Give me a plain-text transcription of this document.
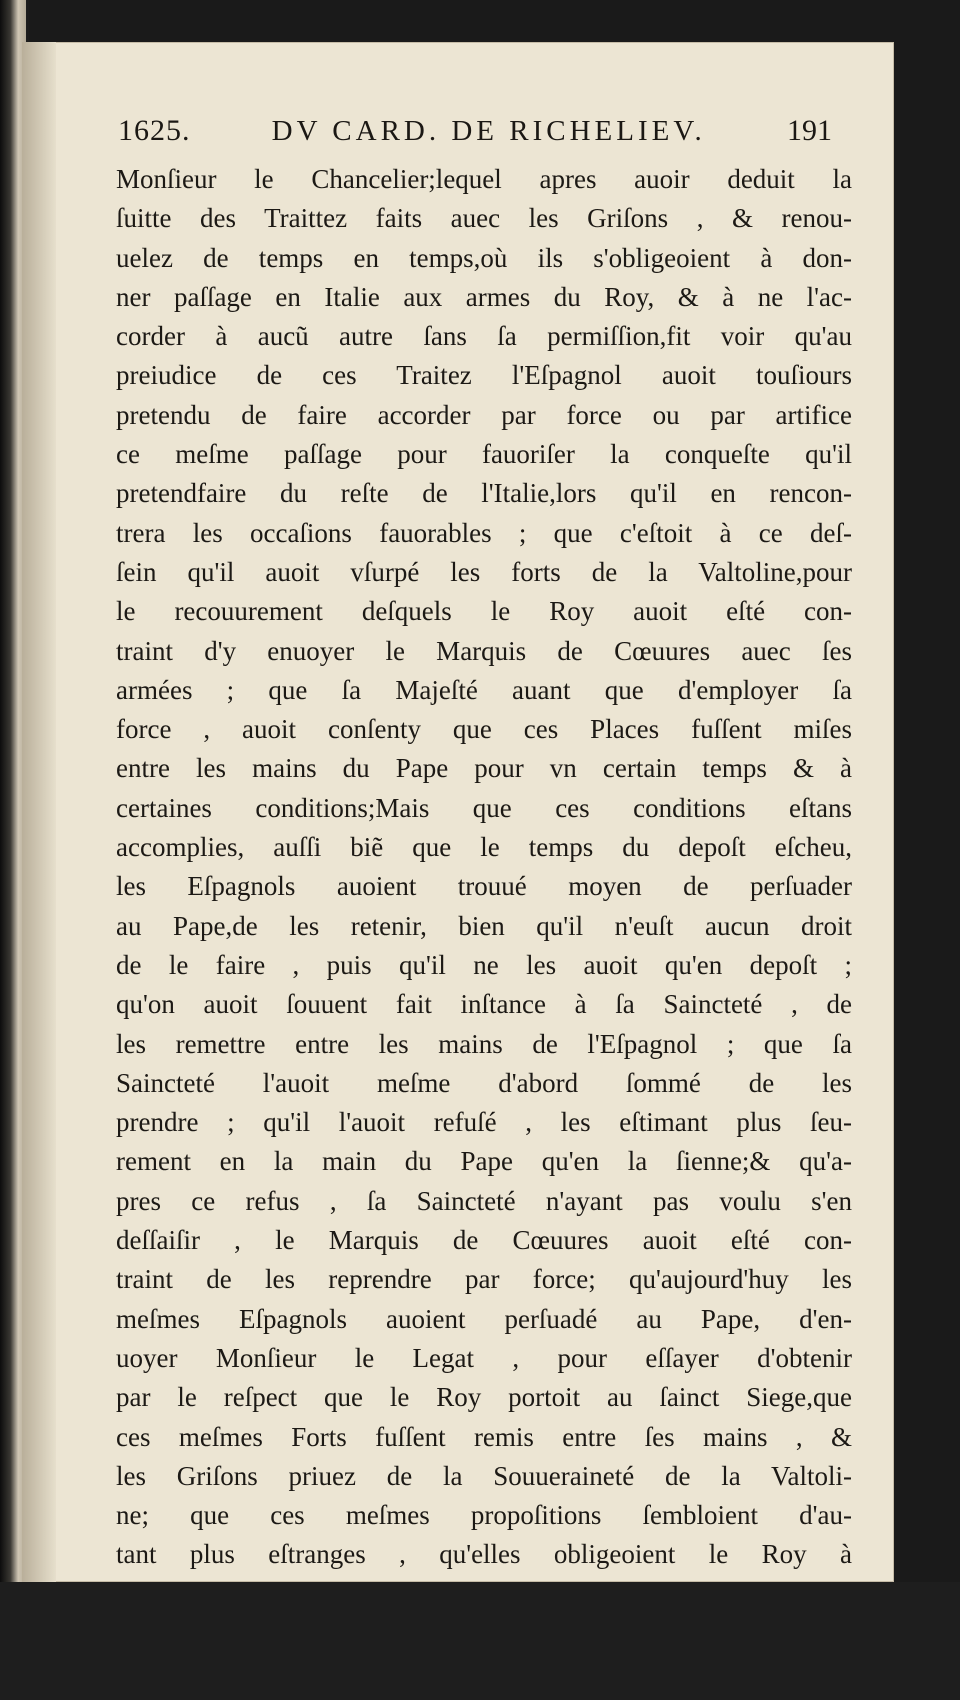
1625.	DV CARD. DE RICHELIEV.	191
Monſieur le Chancelier;lequel apres auoir deduit la
ſuitte des Traittez faits auec les Griſons , & renou-
uelez de temps en temps,où ils s'obligeoient à don-
ner paſſage en Italie aux armes du Roy, & à ne l'ac-
corder à aucũ autre ſans ſa permiſſion,fit voir qu'au
preiudice de ces Traitez l'Eſpagnol auoit touſiours
pretendu de faire accorder par force ou par artifice
ce meſme paſſage pour fauoriſer la conqueſte qu'il
pretendfaire du reſte de l'Italie,lors qu'il en rencon-
trera les occaſions fauorables ; que c'eſtoit à ce deſ-
ſein qu'il auoit vſurpé les forts de la Valtoline,pour
le recouurement deſquels le Roy auoit eſté con-
traint d'y enuoyer le Marquis de Cœuures auec ſes
armées ; que ſa Majeſté auant que d'employer ſa
force , auoit conſenty que ces Places fuſſent miſes
entre les mains du Pape pour vn certain temps & à
certaines conditions;Mais que ces conditions eſtans
accomplies, auſſi biẽ que le temps du depoſt eſcheu,
les Eſpagnols auoient trouué moyen de perſuader
au Pape,de les retenir, bien qu'il n'euſt aucun droit
de le faire , puis qu'il ne les auoit qu'en depoſt ;
qu'on auoit ſouuent fait inſtance à ſa Saincteté , de
les remettre entre les mains de l'Eſpagnol ; que ſa
Saincteté l'auoit meſme d'abord ſommé de les
prendre ; qu'il l'auoit refuſé , les eſtimant plus ſeu-
rement en la main du Pape qu'en la ſienne;& qu'a-
pres ce refus , ſa Saincteté n'ayant pas voulu s'en
deſſaiſir , le Marquis de Cœuures auoit eſté con-
traint de les reprendre par force; qu'aujourd'huy les
meſmes Eſpagnols auoient perſuadé au Pape, d'en-
uoyer Monſieur le Legat , pour eſſayer d'obtenir
par le reſpect que le Roy portoit au ſainct Siege,que
ces meſmes Forts fuſſent remis entre ſes mains , &
les Griſons priuez de la Souueraineté de la Valtoli-
ne; que ces meſmes propoſitions ſembloient d'au-
tant plus eſtranges , qu'elles obligeoient le Roy à
